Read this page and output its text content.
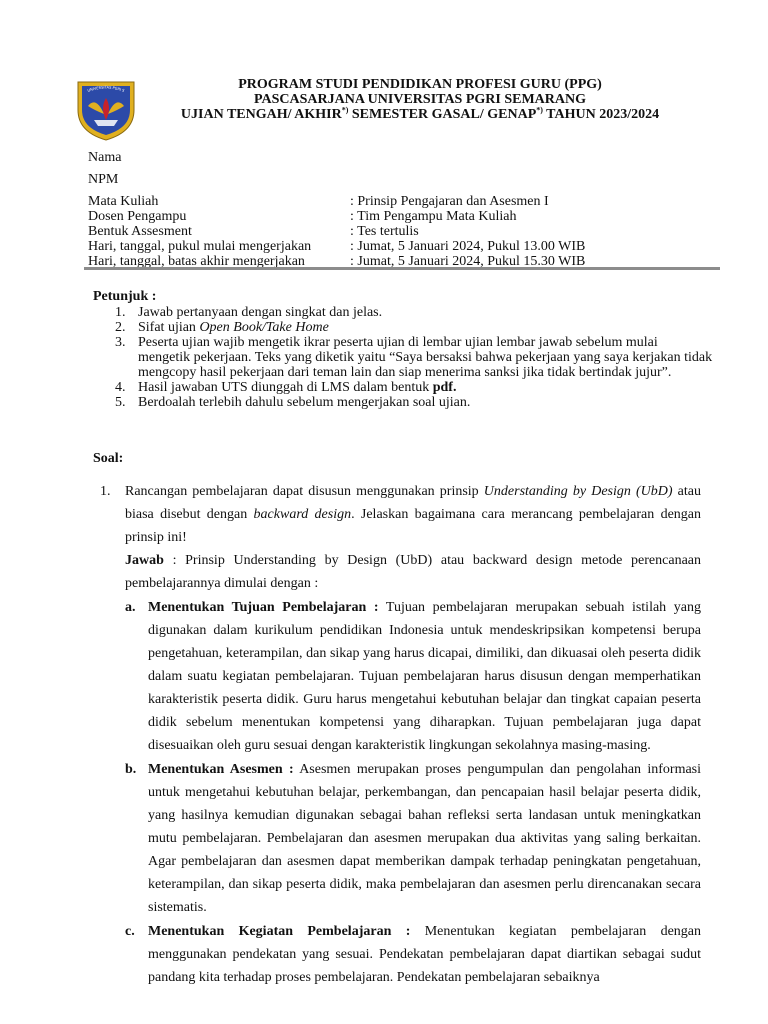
UNIVERSITAS PGRI S	PROGRAM STUDI PENDIDIKAN PROFESI GURU (PPG)
PASCASARJANA UNIVERSITAS PGRI SEMARANG
UJIAN TENGAH/ AKHIR*) SEMESTER GASAL/ GENAP*) TAHUN 2023/2024
Nama
NPM
Mata Kuliah	: Prinsip Pengajaran dan Asesmen I
Dosen Pengampu	: Tim Pengampu Mata Kuliah
Bentuk Assesment	: Tes tertulis
Hari, tanggal, pukul mulai mengerjakan	: Jumat, 5 Januari 2024, Pukul 13.00 WIB
Hari, tanggal, batas akhir mengerjakan	: Jumat, 5 Januari 2024, Pukul 15.30 WIB
Petunjuk :
1. Jawab pertanyaan dengan singkat dan jelas.
2. Sifat ujian Open Book/Take Home
3. Peserta ujian wajib mengetik ikrar peserta ujian di lembar ujian lembar jawab sebelum mulai mengetik pekerjaan. Teks yang diketik yaitu “Saya bersaksi bahwa pekerjaan yang saya kerjakan tidak mengcopy hasil pekerjaan dari teman lain dan siap menerima sanksi jika tidak bertindak jujur”.
4. Hasil jawaban UTS diunggah di LMS dalam bentuk pdf.
5. Berdoalah terlebih dahulu sebelum mengerjakan soal ujian.
Soal:
1. Rancangan pembelajaran dapat disusun menggunakan prinsip Understanding by Design (UbD) atau biasa disebut dengan backward design. Jelaskan bagaimana cara merancang pembelajaran dengan prinsip ini!

Jawab : Prinsip Understanding by Design (UbD) atau backward design metode perencanaan pembelajarannya dimulai dengan :

a. Menentukan Tujuan Pembelajaran : Tujuan pembelajaran merupakan sebuah istilah yang digunakan dalam kurikulum pendidikan Indonesia untuk mendeskripsikan kompetensi berupa pengetahuan, keterampilan, dan sikap yang harus dicapai, dimiliki, dan dikuasai oleh peserta didik dalam suatu kegiatan pembelajaran. Tujuan pembelajaran harus disusun dengan memperhatikan karakteristik peserta didik. Guru harus mengetahui kebutuhan belajar dan tingkat capaian peserta didik sebelum menentukan kompetensi yang diharapkan. Tujuan pembelajaran juga dapat disesuaikan oleh guru sesuai dengan karakteristik lingkungan sekolahnya masing-masing.
b. Menentukan Asesmen : Asesmen merupakan proses pengumpulan dan pengolahan informasi untuk mengetahui kebutuhan belajar, perkembangan, dan pencapaian hasil belajar peserta didik, yang hasilnya kemudian digunakan sebagai bahan refleksi serta landasan untuk meningkatkan mutu pembelajaran. Pembelajaran dan asesmen merupakan dua aktivitas yang saling berkaitan. Agar pembelajaran dan asesmen dapat memberikan dampak terhadap peningkatan pengetahuan, keterampilan, dan sikap peserta didik, maka pembelajaran dan asesmen perlu direncanakan secara sistematis.
c. Menentukan Kegiatan Pembelajaran : Menentukan kegiatan pembelajaran dengan menggunakan pendekatan yang sesuai. Pendekatan pembelajaran dapat diartikan sebagai sudut pandang kita terhadap proses pembelajaran. Pendekatan pembelajaran sebaiknya
